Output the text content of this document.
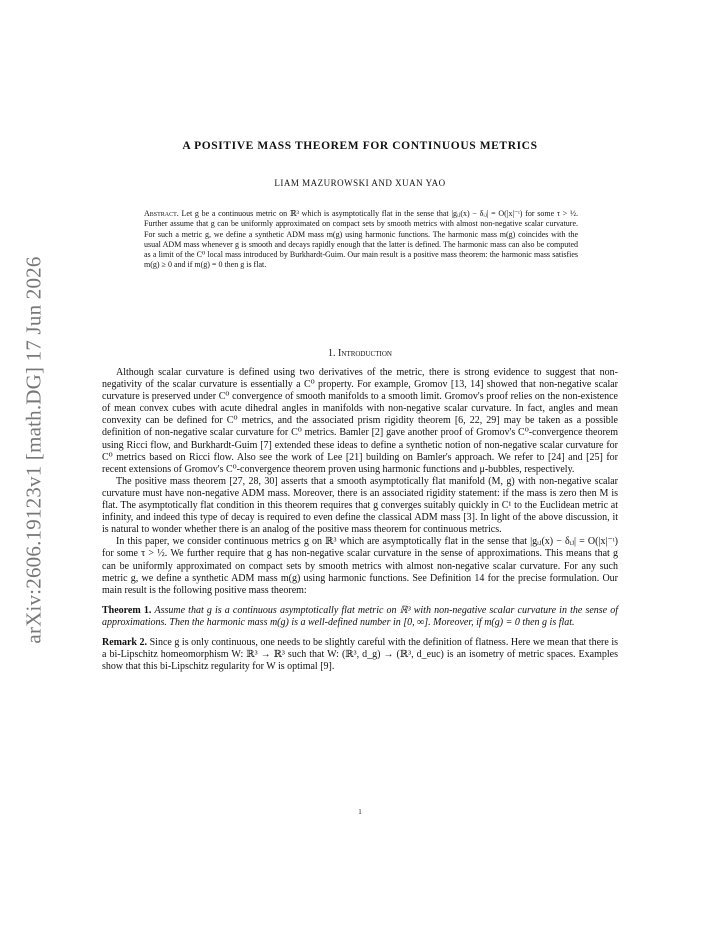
arXiv:2606.19123v1 [math.DG] 17 Jun 2026
A POSITIVE MASS THEOREM FOR CONTINUOUS METRICS
LIAM MAZUROWSKI AND XUAN YAO
Abstract. Let g be a continuous metric on ℝ³ which is asymptotically flat in the sense that |gᵢⱼ(x) − δᵢⱼ| = O(|x|⁻ᵗ) for some τ > ½. Further assume that g can be uniformly approximated on compact sets by smooth metrics with almost non-negative scalar curvature. For such a metric g, we define a synthetic ADM mass m(g) using harmonic functions. The harmonic mass m(g) coincides with the usual ADM mass whenever g is smooth and decays rapidly enough that the latter is defined. The harmonic mass can also be computed as a limit of the C⁰ local mass introduced by Burkhardt-Guim. Our main result is a positive mass theorem: the harmonic mass satisfies m(g) ≥ 0 and if m(g) = 0 then g is flat.
1. Introduction

Although scalar curvature is defined using two derivatives of the metric, there is strong evidence to suggest that non-negativity of the scalar curvature is essentially a C⁰ property. For example, Gromov [13, 14] showed that non-negative scalar curvature is preserved under C⁰ convergence of smooth manifolds to a smooth limit. Gromov's proof relies on the non-existence of mean convex cubes with acute dihedral angles in manifolds with non-negative scalar curvature. In fact, angles and mean convexity can be defined for C⁰ metrics, and the associated prism rigidity theorem [6, 22, 29] may be taken as a possible definition of non-negative scalar curvature for C⁰ metrics. Bamler [2] gave another proof of Gromov's C⁰-convergence theorem using Ricci flow, and Burkhardt-Guim [7] extended these ideas to define a synthetic notion of non-negative scalar curvature for C⁰ metrics based on Ricci flow. Also see the work of Lee [21] building on Bamler's approach. We refer to [24] and [25] for recent extensions of Gromov's C⁰-convergence theorem proven using harmonic functions and μ-bubbles, respectively.

The positive mass theorem [27, 28, 30] asserts that a smooth asymptotically flat manifold (M, g) with non-negative scalar curvature must have non-negative ADM mass. Moreover, there is an associated rigidity statement: if the mass is zero then M is flat. The asymptotically flat condition in this theorem requires that g converges suitably quickly in C¹ to the Euclidean metric at infinity, and indeed this type of decay is required to even define the classical ADM mass [3]. In light of the above discussion, it is natural to wonder whether there is an analog of the positive mass theorem for continuous metrics.

In this paper, we consider continuous metrics g on ℝ³ which are asymptotically flat in the sense that |gᵢⱼ(x) − δᵢⱼ| = O(|x|⁻ᵗ) for some τ > ½. We further require that g has non-negative scalar curvature in the sense of approximations. This means that g can be uniformly approximated on compact sets by smooth metrics with almost non-negative scalar curvature. For any such metric g, we define a synthetic ADM mass m(g) using harmonic functions. See Definition 14 for the precise formulation. Our main result is the following positive mass theorem:

Theorem 1. Assume that g is a continuous asymptotically flat metric on ℝ³ with non-negative scalar curvature in the sense of approximations. Then the harmonic mass m(g) is a well-defined number in [0, ∞]. Moreover, if m(g) = 0 then g is flat.

Remark 2. Since g is only continuous, one needs to be slightly careful with the definition of flatness. Here we mean that there is a bi-Lipschitz homeomorphism W: ℝ³ → ℝ³ such that W: (ℝ³, d_g) → (ℝ³, d_euc) is an isometry of metric spaces. Examples show that this bi-Lipschitz regularity for W is optimal [9].

1
